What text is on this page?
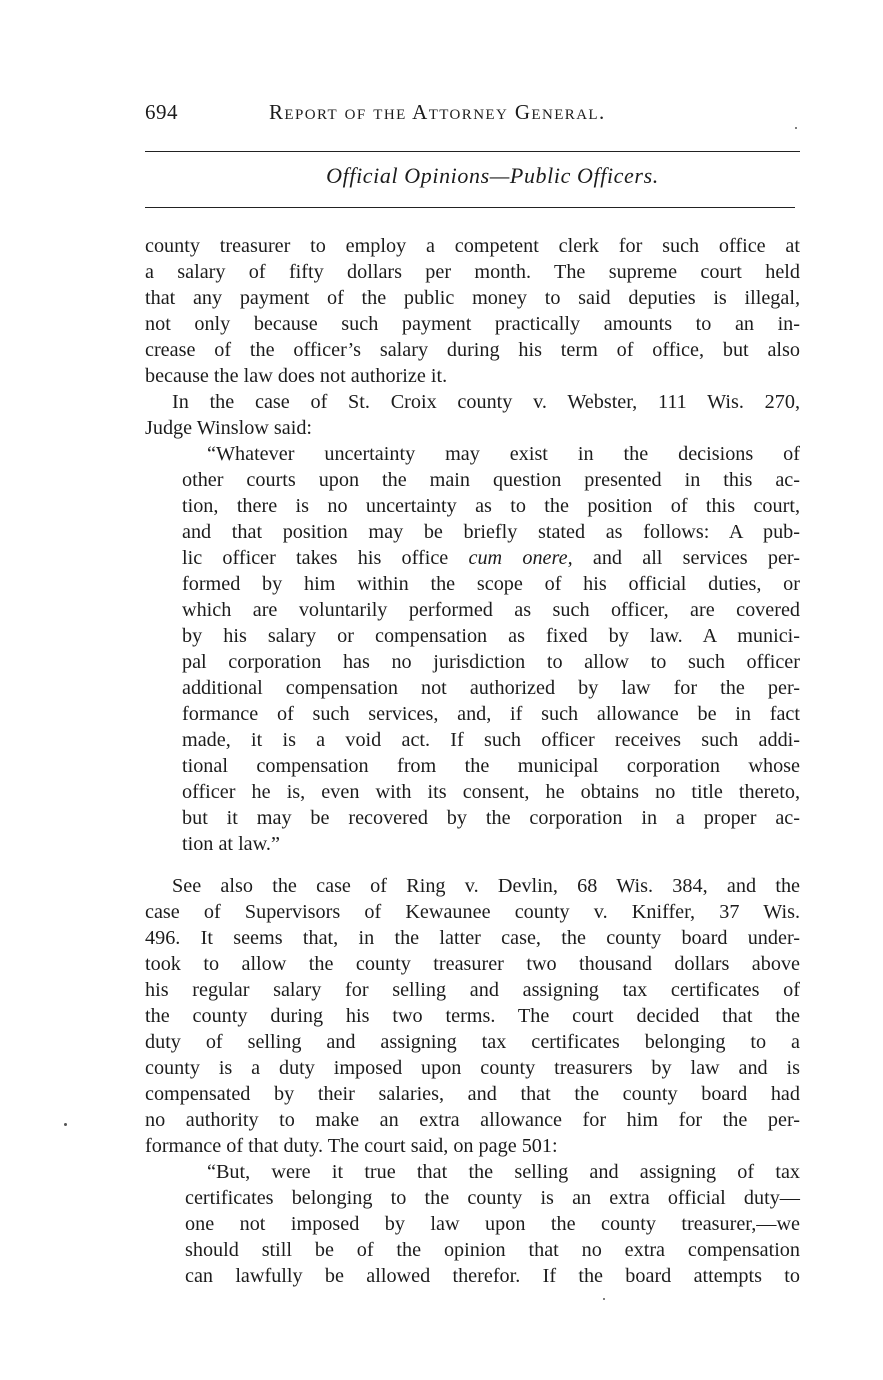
694	Report of the Attorney General.
Official Opinions—Public Officers.
county treasurer to employ a competent clerk for such office at
a salary of fifty dollars per month. The supreme court held
that any payment of the public money to said deputies is illegal,
not only because such payment practically amounts to an in-
crease of the officer’s salary during his term of office, but also
because the law does not authorize it.
In the case of St. Croix county v. Webster, 111 Wis. 270,
Judge Winslow said:
“Whatever uncertainty may exist in the decisions of
other courts upon the main question presented in this ac-
tion, there is no uncertainty as to the position of this court,
and that position may be briefly stated as follows: A pub-
lic officer takes his office cum onere, and all services per-
formed by him within the scope of his official duties, or
which are voluntarily performed as such officer, are covered
by his salary or compensation as fixed by law. A munici-
pal corporation has no jurisdiction to allow to such officer
additional compensation not authorized by law for the per-
formance of such services, and, if such allowance be in fact
made, it is a void act. If such officer receives such addi-
tional compensation from the municipal corporation whose
officer he is, even with its consent, he obtains no title thereto,
but it may be recovered by the corporation in a proper ac-
tion at law.”
See also the case of Ring v. Devlin, 68 Wis. 384, and the
case of Supervisors of Kewaunee county v. Kniffer, 37 Wis.
496. It seems that, in the latter case, the county board under-
took to allow the county treasurer two thousand dollars above
his regular salary for selling and assigning tax certificates of
the county during his two terms. The court decided that the
duty of selling and assigning tax certificates belonging to a
county is a duty imposed upon county treasurers by law and is
compensated by their salaries, and that the county board had
no authority to make an extra allowance for him for the per-
formance of that duty. The court said, on page 501:
“But, were it true that the selling and assigning of tax
certificates belonging to the county is an extra official duty—
one not imposed by law upon the county treasurer,—we
should still be of the opinion that no extra compensation
can lawfully be allowed therefor. If the board attempts to
